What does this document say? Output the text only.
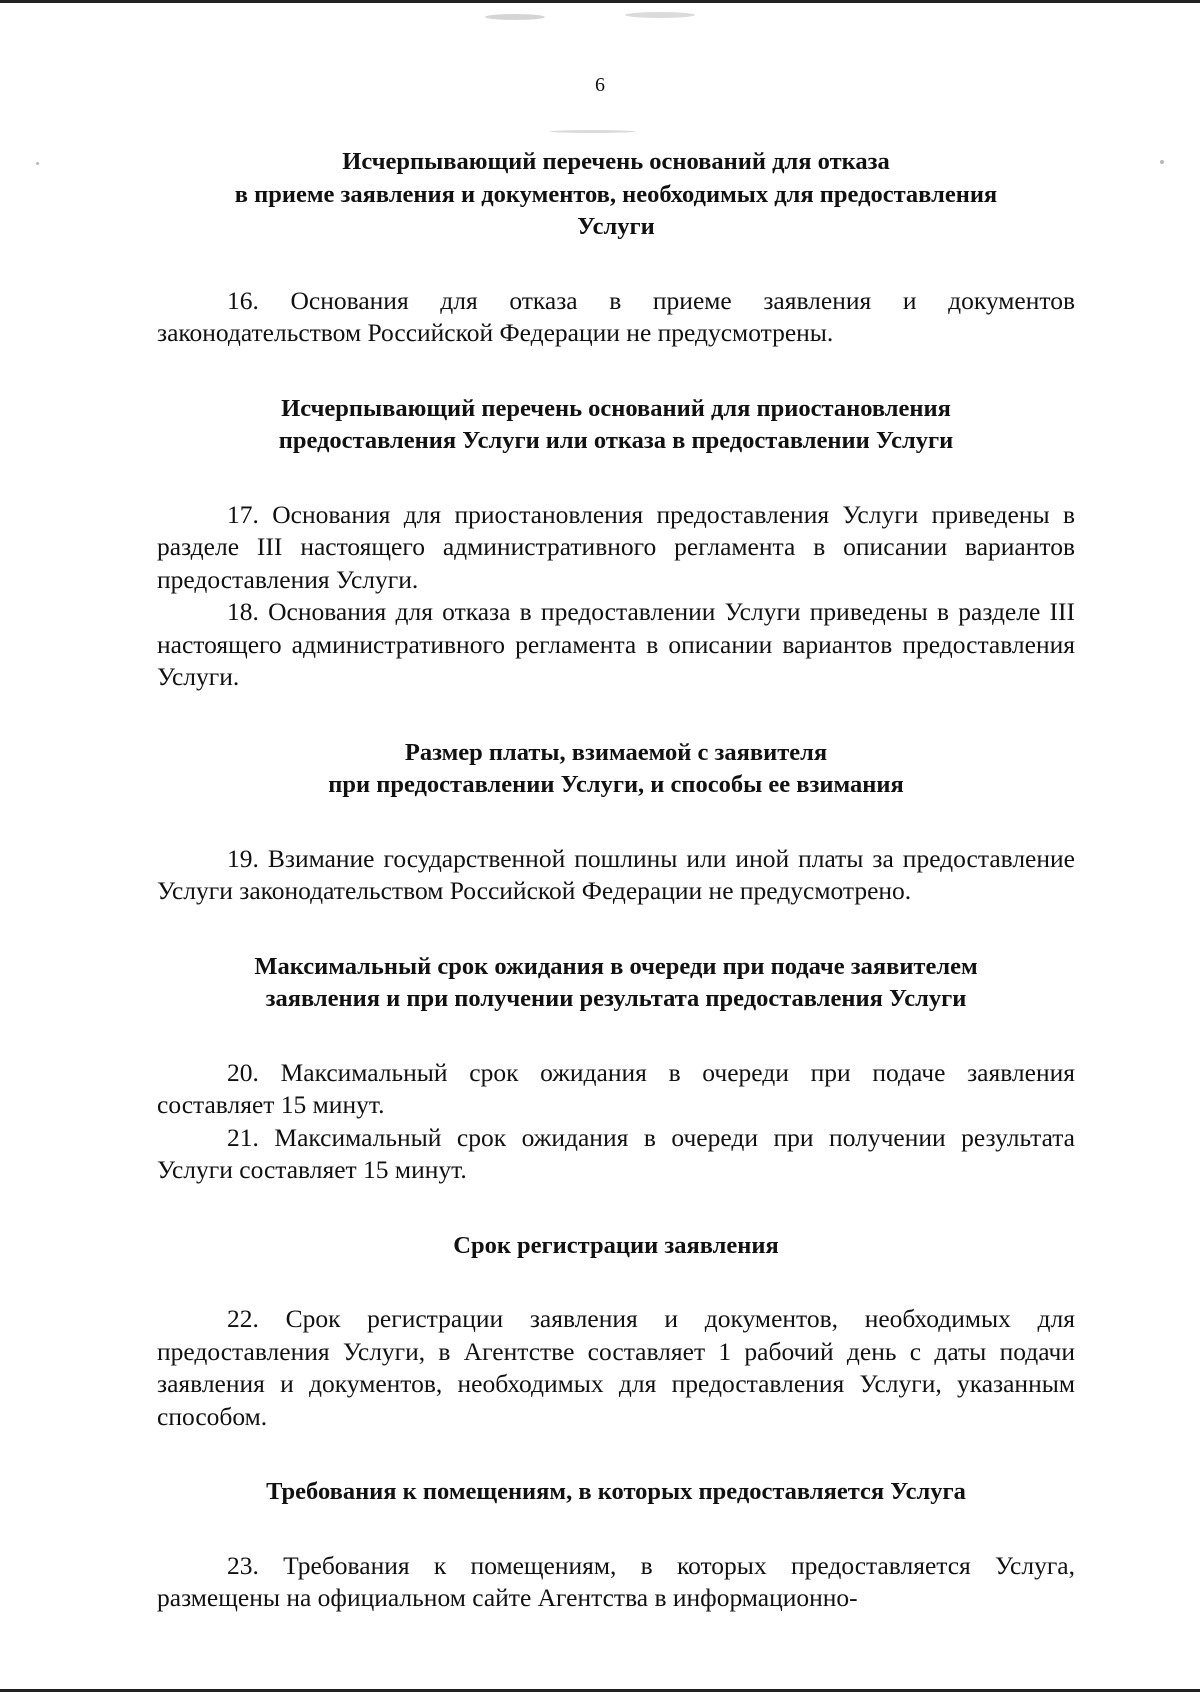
6
Исчерпывающий перечень оснований для отказа
в приеме заявления и документов, необходимых для предоставления
Услуги

16. Основания для отказа в приеме заявления и документов законодательством Российской Федерации не предусмотрены.

Исчерпывающий перечень оснований для приостановления
предоставления Услуги или отказа в предоставлении Услуги

17. Основания для приостановления предоставления Услуги приведены в разделе III настоящего административного регламента в описании вариантов предоставления Услуги.

18. Основания для отказа в предоставлении Услуги приведены в разделе III настоящего административного регламента в описании вариантов предоставления Услуги.

Размер платы, взимаемой с заявителя
при предоставлении Услуги, и способы ее взимания

19. Взимание государственной пошлины или иной платы за предоставление Услуги законодательством Российской Федерации не предусмотрено.

Максимальный срок ожидания в очереди при подаче заявителем
заявления и при получении результата предоставления Услуги

20. Максимальный срок ожидания в очереди при подаче заявления составляет 15 минут.

21. Максимальный срок ожидания в очереди при получении результата Услуги составляет 15 минут.

Срок регистрации заявления

22. Срок регистрации заявления и документов, необходимых для предоставления Услуги, в Агентстве составляет 1 рабочий день с даты подачи заявления и документов, необходимых для предоставления Услуги, указанным способом.

Требования к помещениям, в которых предоставляется Услуга

23. Требования к помещениям, в которых предоставляется Услуга, размещены на официальном сайте Агентства в информационно-
